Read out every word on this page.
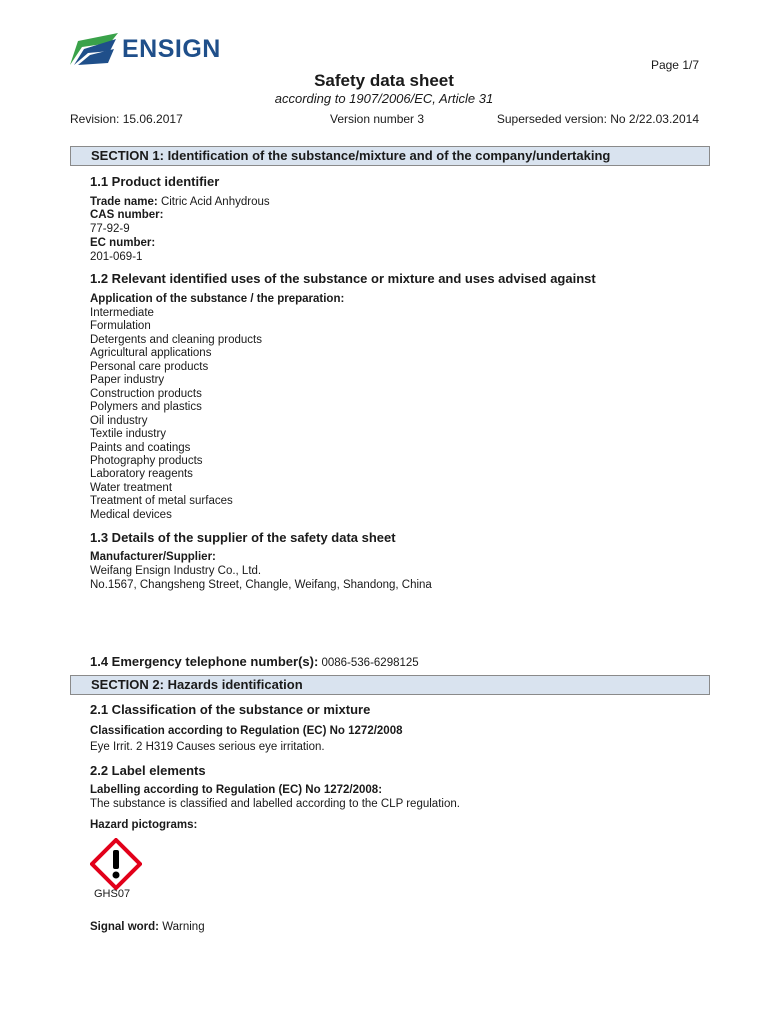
ENSIGN
Page 1/7
Safety data sheet
according to 1907/2006/EC, Article 31
Revision: 15.06.2017	Version number 3	Superseded version: No 2/22.03.2014
SECTION 1: Identification of the substance/mixture and of the company/undertaking
1.1 Product identifier
Trade name: Citric Acid Anhydrous
CAS number:
77-92-9
EC number:
201-069-1
1.2 Relevant identified uses of the substance or mixture and uses advised against
Application of the substance / the preparation:
Intermediate
Formulation
Detergents and cleaning products
Agricultural applications
Personal care products
Paper industry
Construction products
Polymers and plastics
Oil industry
Textile industry
Paints and coatings
Photography products
Laboratory reagents
Water treatment
Treatment of metal surfaces
Medical devices
1.3 Details of the supplier of the safety data sheet
Manufacturer/Supplier:
Weifang Ensign Industry Co., Ltd.
No.1567, Changsheng Street, Changle, Weifang, Shandong, China
1.4 Emergency telephone number(s): 0086-536-6298125
SECTION 2: Hazards identification
2.1 Classification of the substance or mixture
Classification according to Regulation (EC) No 1272/2008
Eye Irrit. 2 H319 Causes serious eye irritation.
2.2 Label elements
Labelling according to Regulation (EC) No 1272/2008:
The substance is classified and labelled according to the CLP regulation.
Hazard pictograms:
GHS07
Signal word: Warning
